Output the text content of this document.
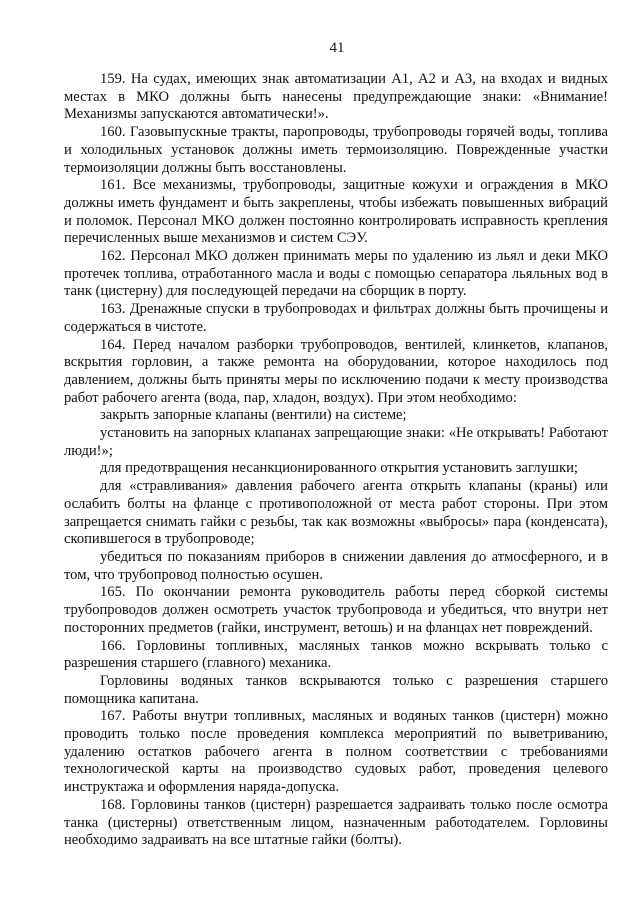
41

159. На судах, имеющих знак автоматизации А1, А2 и А3, на входах и видных местах в МКО должны быть нанесены предупреждающие знаки: «Внимание! Механизмы запускаются автоматически!».

160. Газовыпускные тракты, паропроводы, трубопроводы горячей воды, топлива и холодильных установок должны иметь термоизоляцию. Поврежденные участки термоизоляции должны быть восстановлены.

161. Все механизмы, трубопроводы, защитные кожухи и ограждения в МКО должны иметь фундамент и быть закреплены, чтобы избежать повышенных вибраций и поломок. Персонал МКО должен постоянно контролировать исправность крепления перечисленных выше механизмов и систем СЭУ.

162. Персонал МКО должен принимать меры по удалению из льял и деки МКО протечек топлива, отработанного масла и воды с помощью сепаратора льяльных вод в танк (цистерну) для последующей передачи на сборщик в порту.

163. Дренажные спуски в трубопроводах и фильтрах должны быть прочищены и содержаться в чистоте.

164. Перед началом разборки трубопроводов, вентилей, клинкетов, клапанов, вскрытия горловин, а также ремонта на оборудовании, которое находилось под давлением, должны быть приняты меры по исключению подачи к месту производства работ рабочего агента (вода, пар, хладон, воздух). При этом необходимо:

закрыть запорные клапаны (вентили) на системе;

установить на запорных клапанах запрещающие знаки: «Не открывать! Работают люди!»;

для предотвращения несанкционированного открытия установить заглушки;

для «стравливания» давления рабочего агента открыть клапаны (краны) или ослабить болты на фланце с противоположной от места работ стороны. При этом запрещается снимать гайки с резьбы, так как возможны «выбросы» пара (конденсата), скопившегося в трубопроводе;

убедиться по показаниям приборов в снижении давления до атмосферного, и в том, что трубопровод полностью осушен.

165. По окончании ремонта руководитель работы перед сборкой системы трубопроводов должен осмотреть участок трубопровода и убедиться, что внутри нет посторонних предметов (гайки, инструмент, ветошь) и на фланцах нет повреждений.

166. Горловины топливных, масляных танков можно вскрывать только с разрешения старшего (главного) механика.

Горловины водяных танков вскрываются только с разрешения старшего помощника капитана.

167. Работы внутри топливных, масляных и водяных танков (цистерн) можно проводить только после проведения комплекса мероприятий по выветриванию, удалению остатков рабочего агента в полном соответствии с требованиями технологической карты на производство судовых работ, проведения целевого инструктажа и оформления наряда-допуска.

168. Горловины танков (цистерн) разрешается задраивать только после осмотра танка (цистерны) ответственным лицом, назначенным работодателем. Горловины необходимо задраивать на все штатные гайки (болты).
